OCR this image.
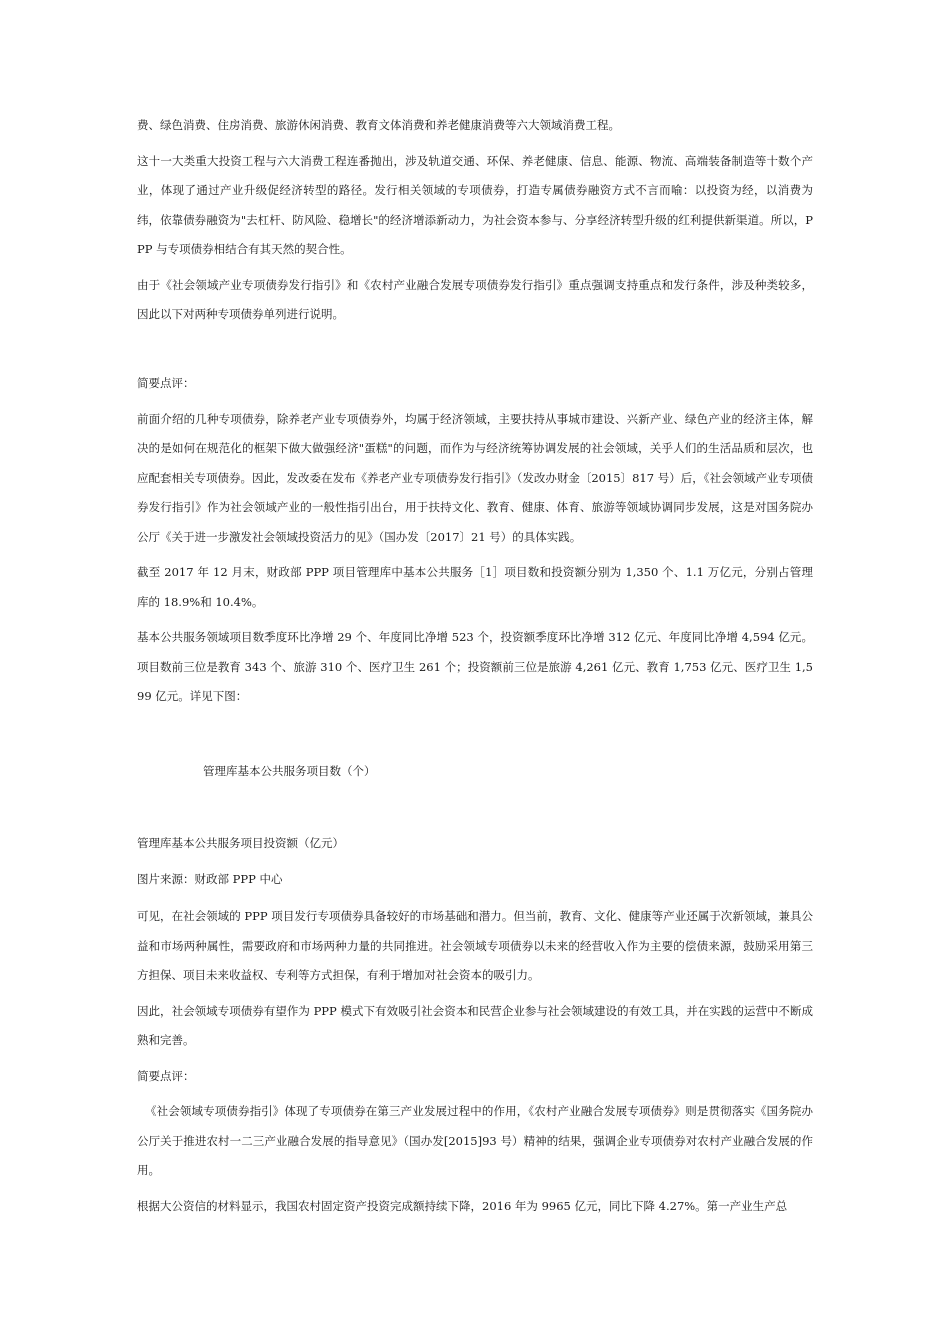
费、绿色消费、住房消费、旅游休闲消费、教育文体消费和养老健康消费等六大领域消费工程。

这十一大类重大投资工程与六大消费工程连番抛出，涉及轨道交通、环保、养老健康、信息、能源、物流、高端装备制造等十数个产业，体现了通过产业升级促经济转型的路径。发行相关领域的专项债券，打造专属债券融资方式不言而喻：以投资为经，以消费为纬，依靠债券融资为"去杠杆、防风险、稳增长"的经济增添新动力，为社会资本参与、分享经济转型升级的红利提供新渠道。所以，PPP 与专项债券相结合有其天然的契合性。

由于《社会领域产业专项债券发行指引》和《农村产业融合发展专项债券发行指引》重点强调支持重点和发行条件，涉及种类较多，因此以下对两种专项债券单列进行说明。

简要点评：

前面介绍的几种专项债券，除养老产业专项债券外，均属于经济领域，主要扶持从事城市建设、兴新产业、绿色产业的经济主体，解决的是如何在规范化的框架下做大做强经济"蛋糕"的问题，而作为与经济统筹协调发展的社会领域，关乎人们的生活品质和层次，也应配套相关专项债券。因此，发改委在发布《养老产业专项债券发行指引》（发改办财金〔2015〕817 号）后，《社会领域产业专项债券发行指引》作为社会领域产业的一般性指引出台，用于扶持文化、教育、健康、体育、旅游等领域协调同步发展，这是对国务院办公厅《关于进一步激发社会领域投资活力的见》（国办发〔2017〕21 号）的具体实践。

截至 2017 年 12 月末，财政部 PPP 项目管理库中基本公共服务［1］项目数和投资额分别为 1,350 个、1.1 万亿元，分别占管理库的 18.9%和 10.4%。

基本公共服务领域项目数季度环比净增 29 个、年度同比净增 523 个，投资额季度环比净增 312 亿元、年度同比净增 4,594 亿元。项目数前三位是教育 343 个、旅游 310 个、医疗卫生 261 个；投资额前三位是旅游 4,261 亿元、教育 1,753 亿元、医疗卫生 1,599 亿元。详见下图：

管理库基本公共服务项目数（个）

管理库基本公共服务项目投资额（亿元）

图片来源：财政部 PPP 中心

可见，在社会领域的 PPP 项目发行专项债券具备较好的市场基础和潜力。但当前，教育、文化、健康等产业还属于次新领域，兼具公益和市场两种属性，需要政府和市场两种力量的共同推进。社会领域专项债券以未来的经营收入作为主要的偿债来源，鼓励采用第三方担保、项目未来收益权、专利等方式担保，有利于增加对社会资本的吸引力。

因此，社会领域专项债券有望作为 PPP 模式下有效吸引社会资本和民营企业参与社会领域建设的有效工具，并在实践的运营中不断成熟和完善。

简要点评：

《社会领域专项债券指引》体现了专项债券在第三产业发展过程中的作用，《农村产业融合发展专项债券》则是贯彻落实《国务院办公厅关于推进农村一二三产业融合发展的指导意见》（国办发[2015]93 号）精神的结果，强调企业专项债券对农村产业融合发展的作用。

根据大公资信的材料显示，我国农村固定资产投资完成额持续下降，2016 年为 9965 亿元，同比下降 4.27%。第一产业生产总
